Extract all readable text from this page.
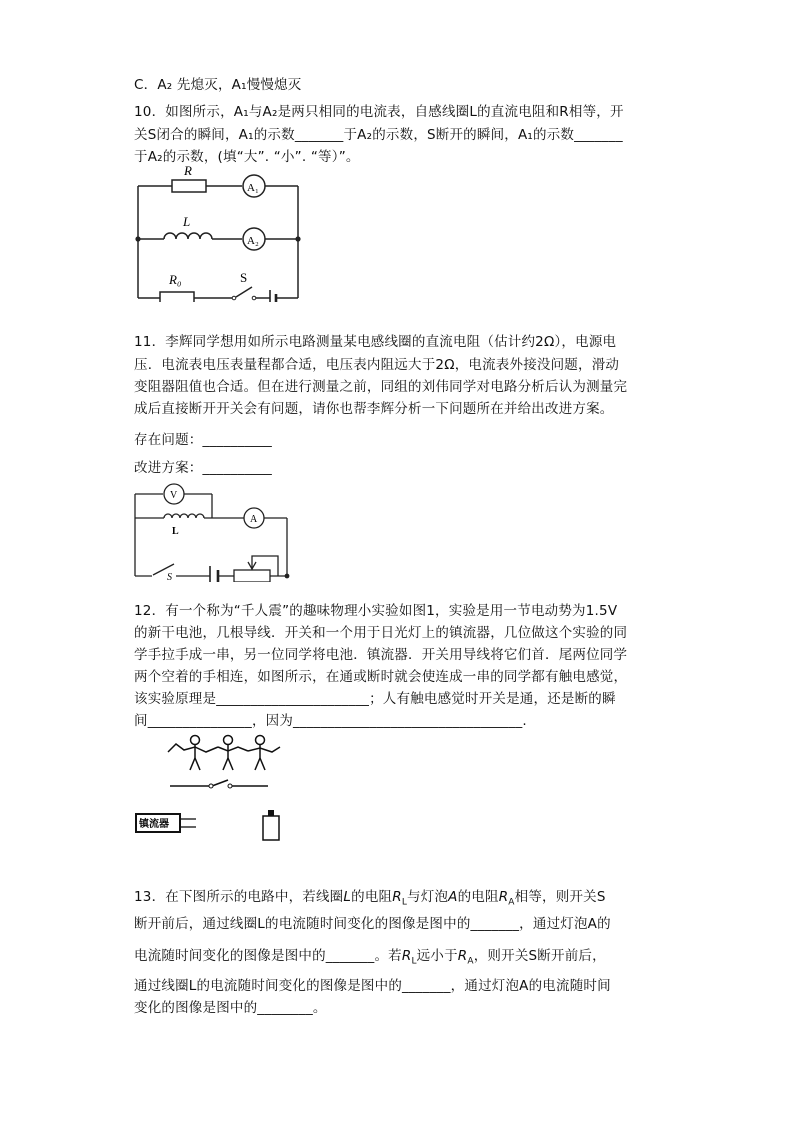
C．A₂ 先熄灭，A₁慢慢熄灭
10．如图所示，A₁与A₂是两只相同的电流表，自感线圈L的直流电阻和R相等，开
关S闭合的瞬间，A₁的示数_______于A₂的示数，S断开的瞬间，A₁的示数_______
于A₂的示数，(填“大”. “小”. “等）”。
R
L
R₀	S
A₁
A₂
11．李辉同学想用如所示电路测量某电感线圈的直流电阻（估计约2Ω），电源电
压．电流表电压表量程都合适，电压表内阻远大于2Ω，电流表外接没问题，滑动
变阻器阻值也合适。但在进行测量之前，同组的刘伟同学对电路分析后认为测量完
成后直接断开开关会有问题，请你也帮李辉分析一下问题所在并给出改进方案。
存在问题：__________
改进方案：__________
V
A
L
S
12．有一个称为“千人震”的趣味物理小实验如图1，实验是用一节电动势为1.5V
的新干电池，几根导线．开关和一个用于日光灯上的镇流器，几位做这个实验的同
学手拉手成一串，另一位同学将电池．镇流器．开关用导线将它们首．尾两位同学
两个空着的手相连，如图所示，在通或断时就会使连成一串的同学都有触电感觉，
该实验原理是______________________；人有触电感觉时开关是通，还是断的瞬
间_______________，因为_________________________________.
镇流器
13．在下图所示的电路中，若线圈L的电阻$R_L$与灯泡A的电阻$R_A$相等，则开关S
断开前后，通过线圈L的电流随时间变化的图像是图中的_______，通过灯泡A的
电流随时间变化的图像是图中的_______。若$R_L$远小于$R_A$，则开关S断开前后，
通过线圈L的电流随时间变化的图像是图中的_______，通过灯泡A的电流随时间
变化的图像是图中的________。
